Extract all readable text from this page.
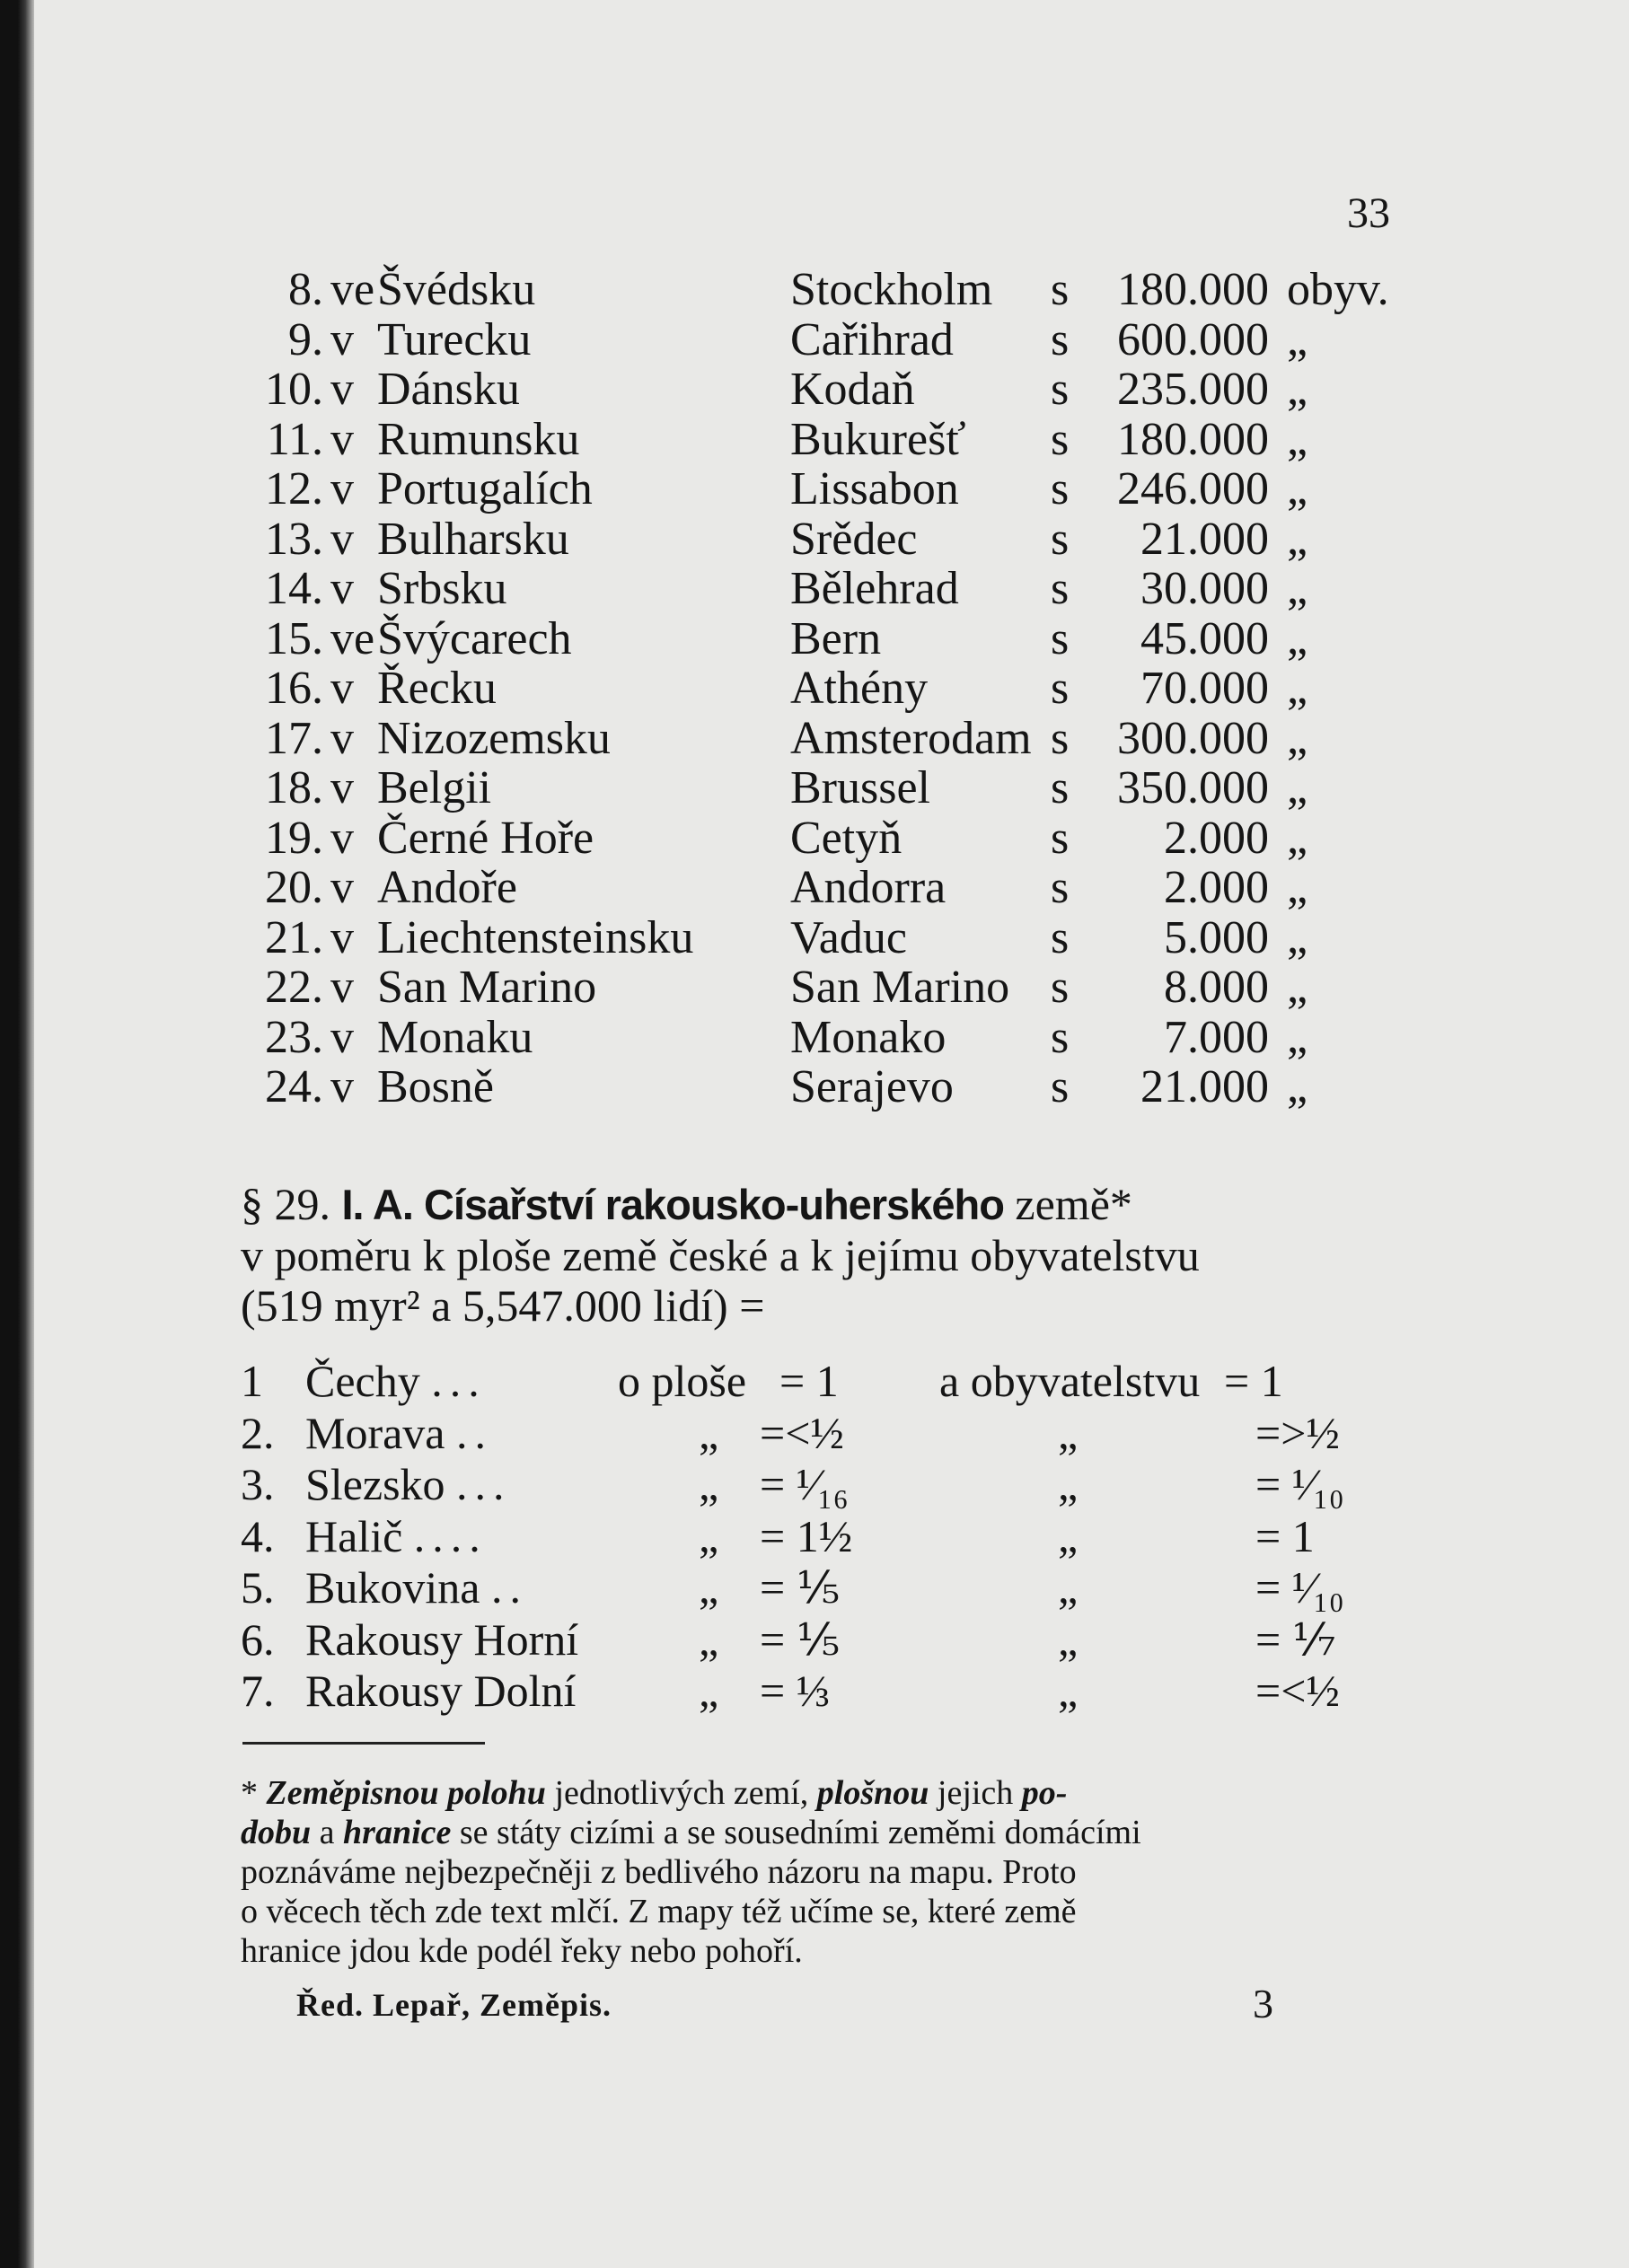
33
8. ve Švédsku	Stockholm s	180.000 obyv.
9. v Turecku	Cařihrad s	600.000 „
10. v Dánsku	Kodaň	s	235.000 „
11. v Rumunsku	Bukurešť s	180.000 „
12. v Portugalích	Lissabon s	246.000 „
13. v Bulharsku	Srědec	s	21.000 „
14. v Srbsku	Bělehrad s	30.000 „
15. ve Švýcarech	Bern	s	45.000 „
16. v Řecku	Athény	s	70.000 „
17. v Nizozemsku	Amsterodam s	300.000 „
18. v Belgii	Brussel	s	350.000 „
19. v Černé Hoře	Cetyň	s	2.000 „
20. v Andoře	Andorra s	2.000 „
21. v Liechtensteinsku Vaduc	s	5.000 „
22. v San Marino	San Marino s	8.000 „
23. v Monaku	Monako s	7.000 „
24. v Bosně	Serajevo s	21.000 „
§ 29. I. A. Císařství rakousko-uherského země*
v poměru k ploše země české a k jejímu obyvatelstvu
(519 myr² a 5,547.000 lidí) =
1 Čechy ...	o ploše = 1 a obyvatelstvu = 1
2. Morava ..	„ =<½	„	=>½
3. Slezsko ...	„ = ¹⁄₁₆	„	= ¹⁄₁₀
4. Halič ....	„ = 1½	„	= 1
5. Bukovina ..	„ = ⅕	„	= ¹⁄₁₀
6. Rakousy Horní	„ = ⅕	„	= ⅐
7. Rakousy Dolní	„ = ⅓	„	=<½
* Zeměpisnou polohu jednotlivých zemí, plošnou jejich po-
dobu a hranice se státy cizími a se sousedními zeměmi domácími
poznáváme nejbezpečněji z bedlivého názoru na mapu. Proto
o věcech těch zde text mlčí. Z mapy též učíme se, které země
hranice jdou kde podél řeky nebo pohoří.
Řed. Lepař, Zeměpis.	3
